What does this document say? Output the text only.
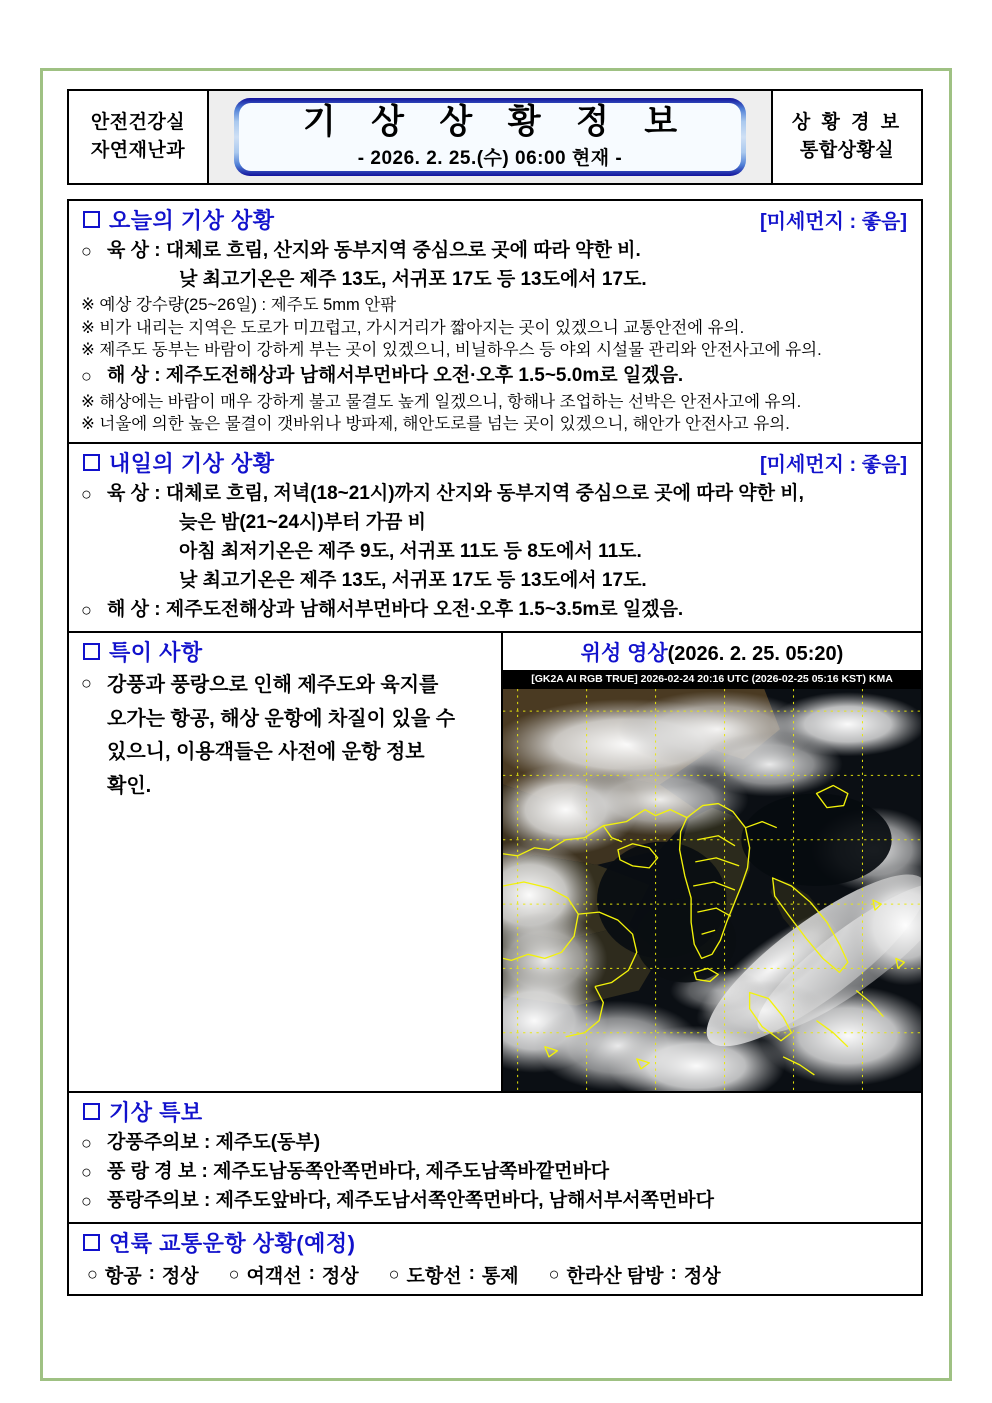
안전건강실
자연재난과
기 상 상 황 정 보
- 2026. 2. 25.(수) 06:00 현재 -
상 황 경 보
통합상황실
오늘의 기상 상황	[미세먼지 : 좋음]
○ 육 상 : 대체로 흐림, 산지와 동부지역 중심으로 곳에 따라 약한 비.
낮 최고기온은 제주 13도, 서귀포 17도 등 13도에서 17도.
※ 예상 강수량(25~26일) : 제주도 5mm 안팎
※ 비가 내리는 지역은 도로가 미끄럽고, 가시거리가 짧아지는 곳이 있겠으니 교통안전에 유의.
※ 제주도 동부는 바람이 강하게 부는 곳이 있겠으니, 비닐하우스 등 야외 시설물 관리와 안전사고에 유의.
○ 해 상 : 제주도전해상과 남해서부먼바다 오전·오후 1.5~5.0m로 일겠음.
※ 해상에는 바람이 매우 강하게 불고 물결도 높게 일겠으니, 항해나 조업하는 선박은 안전사고에 유의.
※ 너울에 의한 높은 물결이 갯바위나 방파제, 해안도로를 넘는 곳이 있겠으니, 해안가 안전사고 유의.
내일의 기상 상황	[미세먼지 : 좋음]
○ 육 상 : 대체로 흐림, 저녁(18~21시)까지 산지와 동부지역 중심으로 곳에 따라 약한 비,
늦은 밤(21~24시)부터 가끔 비
아침 최저기온은 제주 9도, 서귀포 11도 등 8도에서 11도.
낮 최고기온은 제주 13도, 서귀포 17도 등 13도에서 17도.
○ 해 상 : 제주도전해상과 남해서부먼바다 오전·오후 1.5~3.5m로 일겠음.
특이 사항
○ 강풍과 풍랑으로 인해 제주도와 육지를
오가는 항공, 해상 운항에 차질이 있을 수
있으니, 이용객들은 사전에 운항 정보
확인.
위성 영상(2026. 2. 25. 05:20)
[GK2A AI RGB TRUE] 2026-02-24 20:16 UTC (2026-02-25 05:16 KST) KMA
기상 특보
○ 강풍주의보 : 제주도(동부)
○ 풍 랑 경 보 : 제주도남동쪽안쪽먼바다, 제주도남쪽바깥먼바다
○ 풍랑주의보 : 제주도앞바다, 제주도남서쪽안쪽먼바다, 남해서부서쪽먼바다
연륙 교통운항 상황(예정)
○ 항공 : 정상 ○ 여객선 : 정상 ○ 도항선 : 통제 ○ 한라산 탐방 : 정상
